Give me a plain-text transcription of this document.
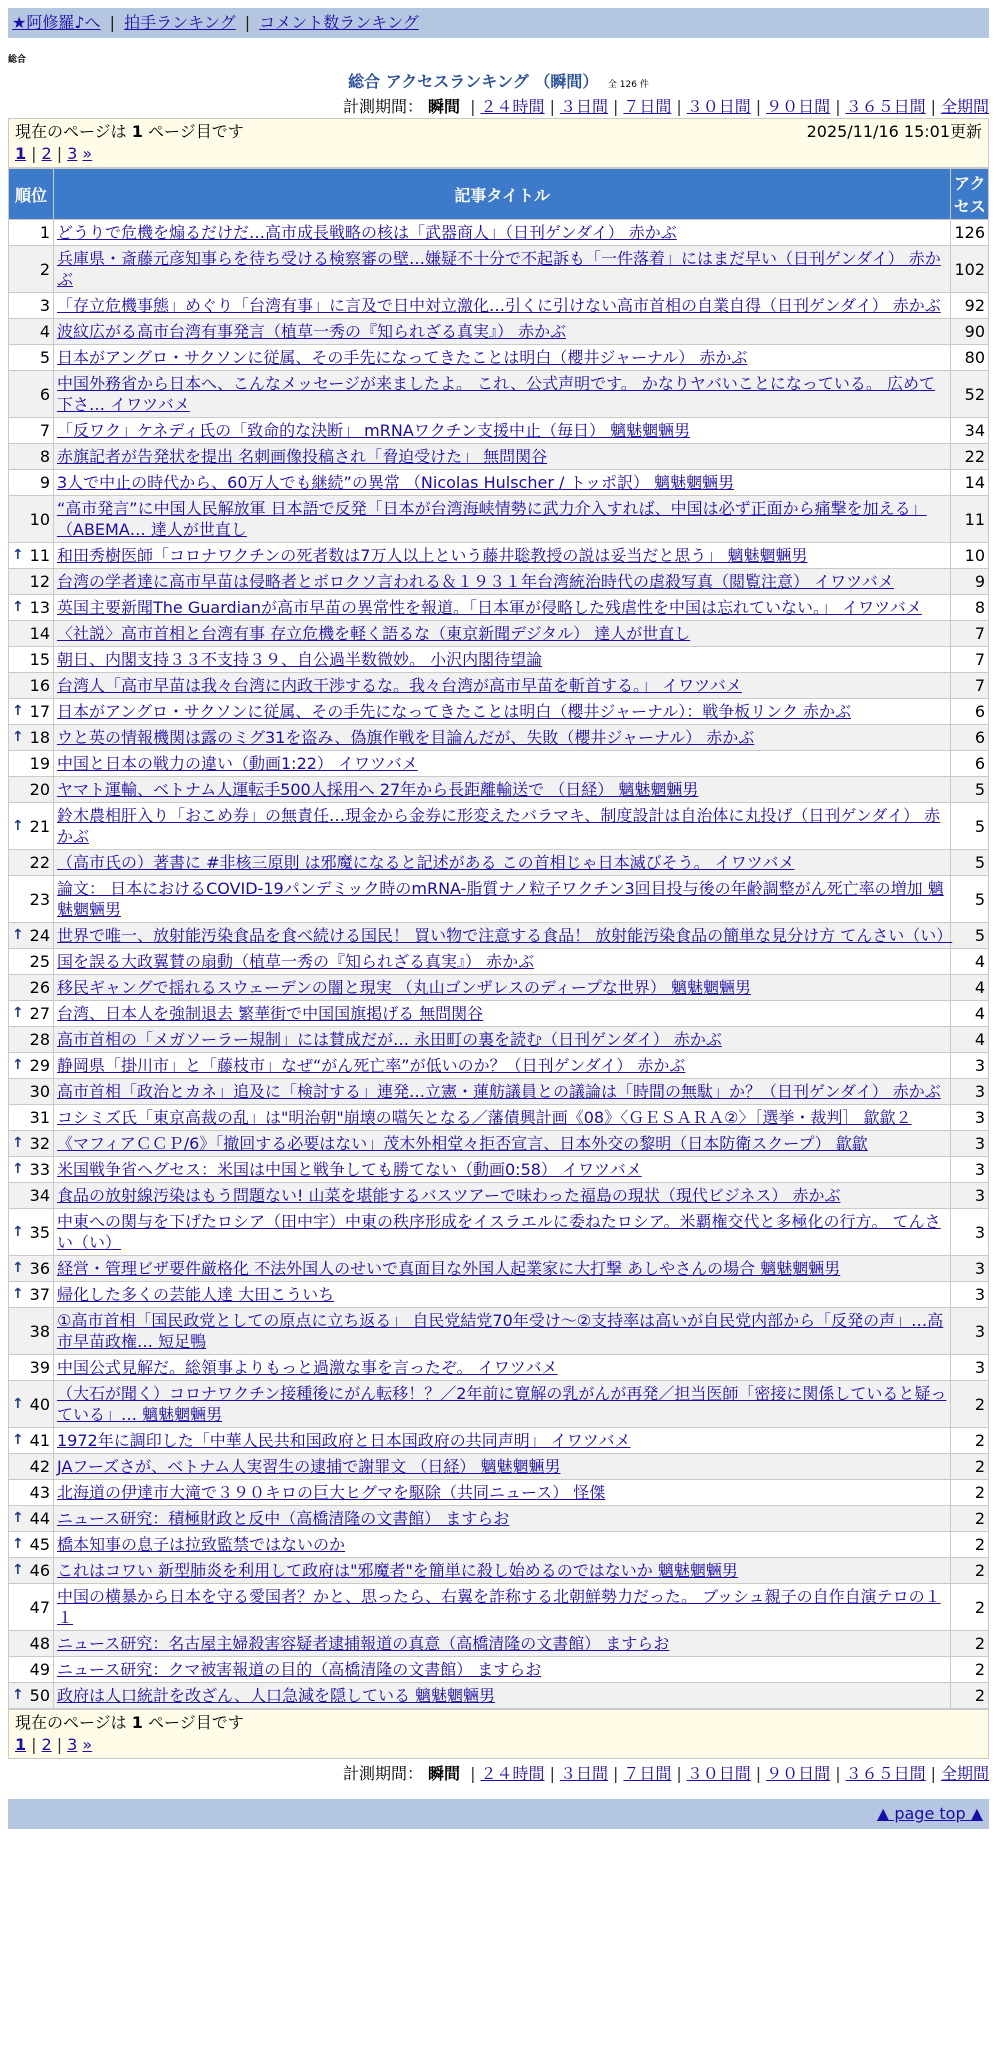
★阿修羅♪へ | 拍手ランキング | コメント数ランキング
総合
総合 アクセスランキング （瞬間） 全 126 件
計測期間： 瞬間 | ２４時間 | ３日間 | ７日間 | ３０日間 | ９０日間 | ３６５日間 | 全期間
現在のページは 1 ページ目です	2025/11/16 15:01更新
1 | 2 | 3 »
順位	記事タイトル	アクセス
1	どうりで危機を煽るだけだ…高市成長戦略の核は「武器商人」（日刊ゲンダイ） 赤かぶ	126
2	兵庫県・斎藤元彦知事らを待ち受ける検察審の壁…嫌疑不十分で不起訴も「一件落着」にはまだ早い（日刊ゲンダイ） 赤かぶ	102
3	「存立危機事態」めぐり「台湾有事」に言及で日中対立激化…引くに引けない高市首相の自業自得（日刊ゲンダイ） 赤かぶ	92
4	波紋広がる高市台湾有事発言（植草一秀の『知られざる真実』） 赤かぶ	90
5	日本がアングロ・サクソンに従属、その手先になってきたことは明白（櫻井ジャーナル） 赤かぶ	80
6	中国外務省から日本へ、こんなメッセージが来ましたよ。 これ、公式声明です。 かなりヤバいことになっている。 広めて下さ… イワツバメ	52
7	「反ワク」ケネディ氏の「致命的な決断」 mRNAワクチン支援中止（毎日） 魑魅魍魎男	34
8	赤旗記者が告発状を提出 名刺画像投稿され「脅迫受けた」 無問関谷	22
9	3人で中止の時代から、60万人でも継続”の異常 （Nicolas Hulscher / トッポ訳） 魑魅魍魎男	14
10	“高市発言”に中国人民解放軍 日本語で反発「日本が台湾海峡情勢に武力介入すれば、中国は必ず正面から痛撃を加える」（ABEMA… 達人が世直し	11

↑ 11	和田秀樹医師「コロナワクチンの死者数は7万人以上という藤井聡教授の説は妥当だと思う」 魑魅魍魎男	10
12	台湾の学者達に高市早苗は侵略者とボロクソ言われる＆１９３１年台湾統治時代の虐殺写真（閲覧注意） イワツバメ	9

↑ 13	英国主要新聞The Guardianが高市早苗の異常性を報道。「日本軍が侵略した残虐性を中国は忘れていない。」 イワツバメ	8
14	〈社説〉高市首相と台湾有事 存立危機を軽く語るな（東京新聞デジタル） 達人が世直し	7
15	朝日、内閣支持３３不支持３９、自公過半数微妙。 小沢内閣待望論	7
16	台湾人「高市早苗は我々台湾に内政干渉するな。我々台湾が高市早苗を斬首する。」 イワツバメ	7

↑ 17	日本がアングロ・サクソンに従属、その手先になってきたことは明白（櫻井ジャーナル）：戦争板リンク 赤かぶ	6

↑ 18	ウと英の情報機関は露のミグ31を盗み、偽旗作戦を目論んだが、失敗（櫻井ジャーナル） 赤かぶ	6
19	中国と日本の戦力の違い（動画1:22） イワツバメ	6
20	ヤマト運輸、ベトナム人運転手500人採用へ 27年から長距離輸送で （日経） 魑魅魍魎男	5

↑ 21	鈴木農相肝入り「おこめ券」の無責任…現金から金券に形変えたバラマキ、制度設計は自治体に丸投げ（日刊ゲンダイ） 赤かぶ	5
22	（高市氏の）著書に #非核三原則 は邪魔になると記述がある この首相じゃ日本滅びそう。 イワツバメ	5
23	論文： 日本におけるCOVID-19パンデミック時のmRNA-脂質ナノ粒子ワクチン3回目投与後の年齢調整がん死亡率の増加 魑魅魍魎男	5

↑ 24	世界で唯一、放射能汚染食品を食べ続ける国民！ 買い物で注意する食品！ 放射能汚染食品の簡単な見分け方 てんさい（い）	5
25	国を誤る大政翼賛の扇動（植草一秀の『知られざる真実』） 赤かぶ	4
26	移民ギャングで揺れるスウェーデンの闇と現実 （丸山ゴンザレスのディープな世界） 魑魅魍魎男	4

↑ 27	台湾、日本人を強制退去 繁華街で中国国旗掲げる 無問関谷	4
28	高市首相の「メガソーラー規制」には賛成だが… 永田町の裏を読む（日刊ゲンダイ） 赤かぶ	4

↑ 29	静岡県「掛川市」と「藤枝市」なぜ“がん死亡率”が低いのか？（日刊ゲンダイ） 赤かぶ	3
30	高市首相「政治とカネ」追及に「検討する」連発…立憲・蓮舫議員との議論は「時間の無駄」か？（日刊ゲンダイ） 赤かぶ	3
31	コシミズ氏「東京高裁の乱」は"明治朝"崩壊の嚆矢となる／藩債興計画《08》〈ＧＥＳＡＲＡ②〉［選挙・裁判］ 歙歙２	3

↑ 32	《マフィアＣＣＰ/6》「撤回する必要はない」茂木外相堂々拒否宣言、日本外交の黎明（日本防衛スクープ） 歙歙	3

↑ 33	米国戦争省ヘグセス：米国は中国と戦争しても勝てない（動画0:58） イワツバメ	3
34	食品の放射線汚染はもう問題ない! 山菜を堪能するバスツアーで味わった福島の現状（現代ビジネス） 赤かぶ	3

↑ 35	中東への関与を下げたロシア（田中宇）中東の秩序形成をイスラエルに委ねたロシア。米覇権交代と多極化の行方。 てんさい（い）	3

↑ 36	経営・管理ビザ要件厳格化 不法外国人のせいで真面目な外国人起業家に大打撃 あしやさんの場合 魑魅魍魎男	3

↑ 37	帰化した多くの芸能人達 大田こういち	3
38	①高市首相「国民政党としての原点に立ち返る」 自民党結党70年受け～②支持率は高いが自民党内部から「反発の声」…高市早苗政権… 短足鴨	3
39	中国公式見解だ。総領事よりもっと過激な事を言ったぞ。 イワツバメ	3

↑ 40	（大石が聞く）コロナワクチン接種後にがん転移！？／2年前に寛解の乳がんが再発／担当医師「密接に関係していると疑っている」… 魑魅魍魎男	2

↑ 41	1972年に調印した「中華人民共和国政府と日本国政府の共同声明」 イワツバメ	2
42	JAフーズさが、ベトナム人実習生の逮捕で謝罪文 （日経） 魑魅魍魎男	2
43	北海道の伊達市大滝で３９０キロの巨大ヒグマを駆除（共同ニュース） 怪傑	2

↑ 44	ニュース研究：積極財政と反中（高橋清隆の文書館） ますらお	2

↑ 45	橋本知事の息子は拉致監禁ではないのか	2

↑ 46	これはコワい 新型肺炎を利用して政府は"邪魔者"を簡単に殺し始めるのではないか 魑魅魍魎男	2
47	中国の横暴から日本を守る愛国者？かと、思ったら、右翼を詐称する北朝鮮勢力だった。 ブッシュ親子の自作自演テロの１１	2
48	ニュース研究：名古屋主婦殺害容疑者逮捕報道の真意（高橋清隆の文書館） ますらお	2
49	ニュース研究：クマ被害報道の目的（高橋清隆の文書館） ますらお	2

↑ 50	政府は人口統計を改ざん、人口急減を隠している 魑魅魍魎男	2
現在のページは 1 ページ目です
1 | 2 | 3 »
計測期間： 瞬間 | ２４時間 | ３日間 | ７日間 | ３０日間 | ９０日間 | ３６５日間 | 全期間
▲ page top ▲
